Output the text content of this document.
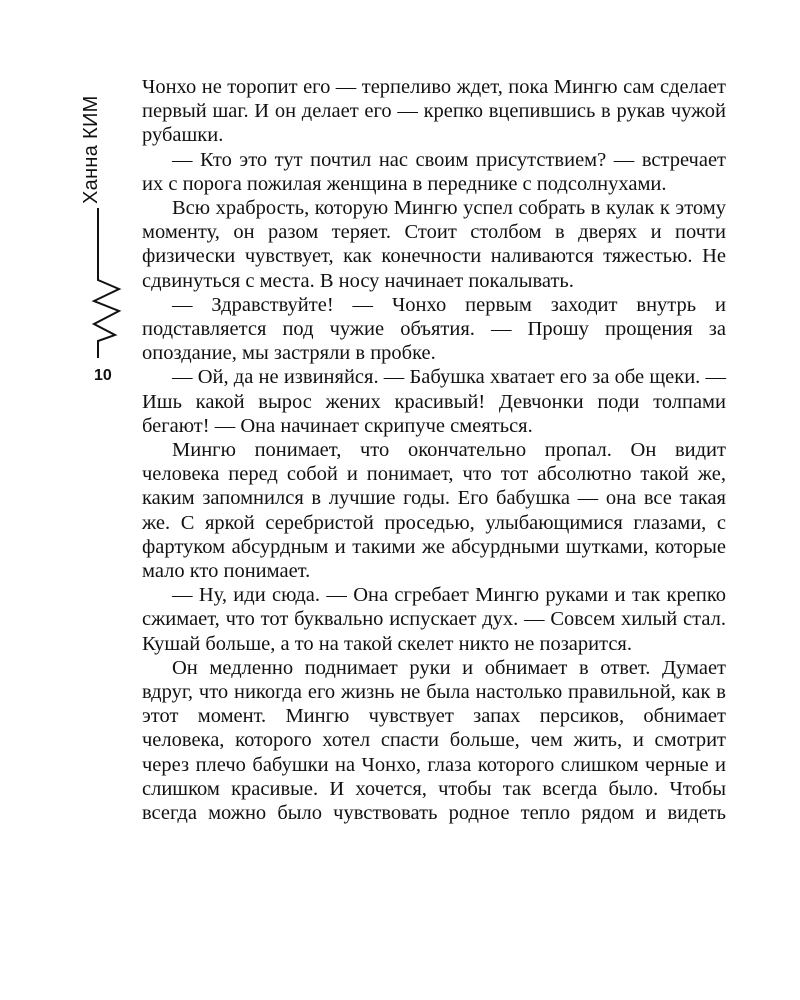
Ханна КИМ
10

Чонхо не торопит его — терпеливо ждет, пока Мингю сам сделает первый шаг. И он делает его — крепко вцепившись в рукав чужой рубашки.

— Кто это тут почтил нас своим присутствием? — встречает их с порога пожилая женщина в переднике с подсолнухами.

Всю храбрость, которую Мингю успел собрать в кулак к этому моменту, он разом теряет. Стоит столбом в дверях и почти физически чувствует, как конечности наливаются тяжестью. Не сдвинуться с места. В носу начинает покалывать.

— Здравствуйте! — Чонхо первым заходит внутрь и подставляется под чужие объятия. — Прошу прощения за опоздание, мы застряли в пробке.

— Ой, да не извиняйся. — Бабушка хватает его за обе щеки. — Ишь какой вырос жених красивый! Девчонки поди толпами бегают! — Она начинает скрипуче смеяться.

Мингю понимает, что окончательно пропал. Он видит человека перед собой и понимает, что тот абсолютно такой же, каким запомнился в лучшие годы. Его бабушка — она все такая же. С яркой серебристой проседью, улыбающимися глазами, с фартуком абсурдным и такими же абсурдными шутками, которые мало кто понимает.

— Ну, иди сюда. — Она сгребает Мингю руками и так крепко сжимает, что тот буквально испускает дух. — Совсем хилый стал. Кушай больше, а то на такой скелет никто не позарится.

Он медленно поднимает руки и обнимает в ответ. Думает вдруг, что никогда его жизнь не была настолько правильной, как в этот момент. Мингю чувствует запах персиков, обнимает человека, которого хотел спасти больше, чем жить, и смотрит через плечо бабушки на Чонхо, глаза которого слишком черные и слишком красивые. И хочется, чтобы так всегда было. Чтобы всегда можно было чувствовать родное тепло рядом и видеть
